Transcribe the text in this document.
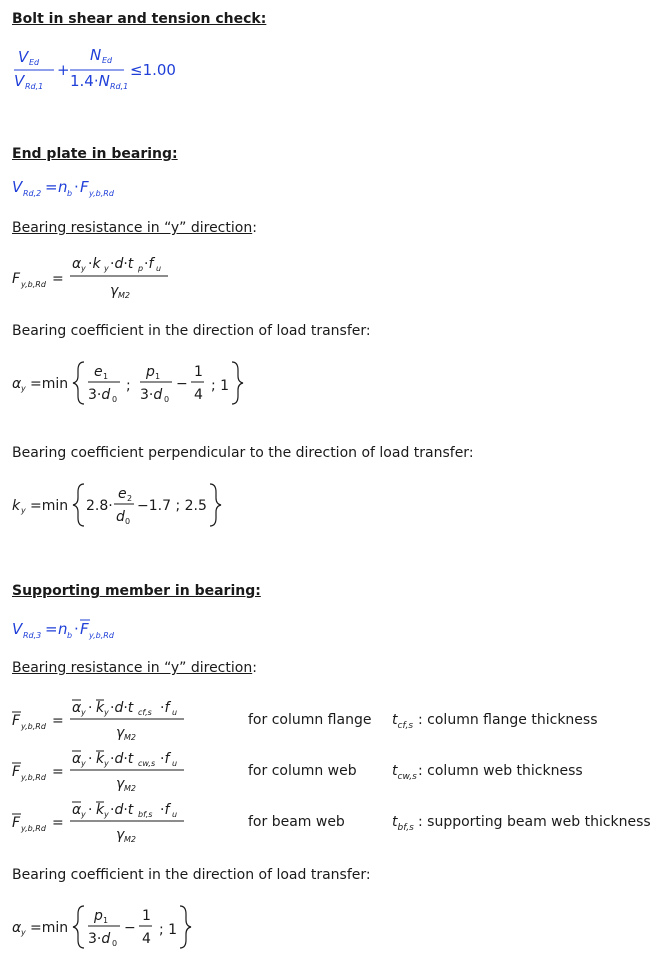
Bolt in shear and tension check:
V Ed
V Rd,1
+
N Ed
1.4·N Rd,1
≤1.00
End plate in bearing:
V Rd,2 = n b · F y,b,Rd
Bearing resistance in “y” direction:
F y,b,Rd =
α y ·k y ·d·t p ·f u
γ M2
Bearing coefficient in the direction of load transfer:
α y =min
e 1
3·d 0
;
p 1
3·d 0
−
1
4
; 1
Bearing coefficient perpendicular to the direction of load transfer:
k y =min 2.8·
e 2
d 0
−1.7 ; 2.5
Supporting member in bearing:
V Rd,3 = n b · F y,b,Rd
Bearing resistance in “y” direction:
F y,b,Rd =
α y · k y ·d·t cf,s ·f u
γ M2
for column flange $t_{cf,s}$ : column flange thickness
F y,b,Rd =
α y · k y ·d·t cw,s ·f u
γ M2
for column web	$t_{cw,s}$ : column web thickness
F y,b,Rd =
α y · k y ·d·t bf,s ·f u
γ M2
for beam web	$t_{bf,s}$ : supporting beam web thickness
Bearing coefficient in the direction of load transfer:
α y =min
p 1
3·d 0
−
1
4
; 1
